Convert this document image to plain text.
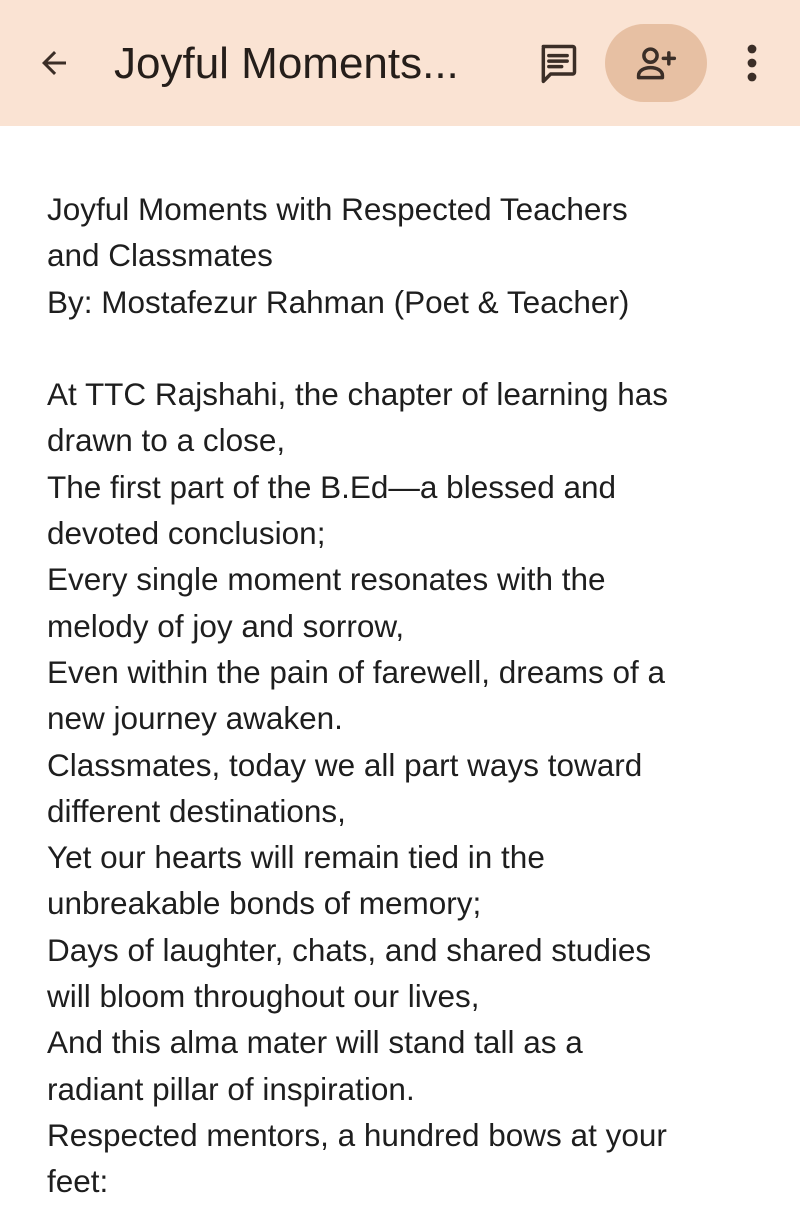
Joyful Moments...

Joyful Moments with Respected Teachers

and Classmates

By: Mostafezur Rahman (Poet & Teacher)

At TTC Rajshahi, the chapter of learning has

drawn to a close,

The first part of the B.Ed—a blessed and

devoted conclusion;

Every single moment resonates with the

melody of joy and sorrow,

Even within the pain of farewell, dreams of a

new journey awaken.

Classmates, today we all part ways toward

different destinations,

Yet our hearts will remain tied in the

unbreakable bonds of memory;

Days of laughter, chats, and shared studies

will bloom throughout our lives,

And this alma mater will stand tall as a

radiant pillar of inspiration.

Respected mentors, a hundred bows at your

feet:
